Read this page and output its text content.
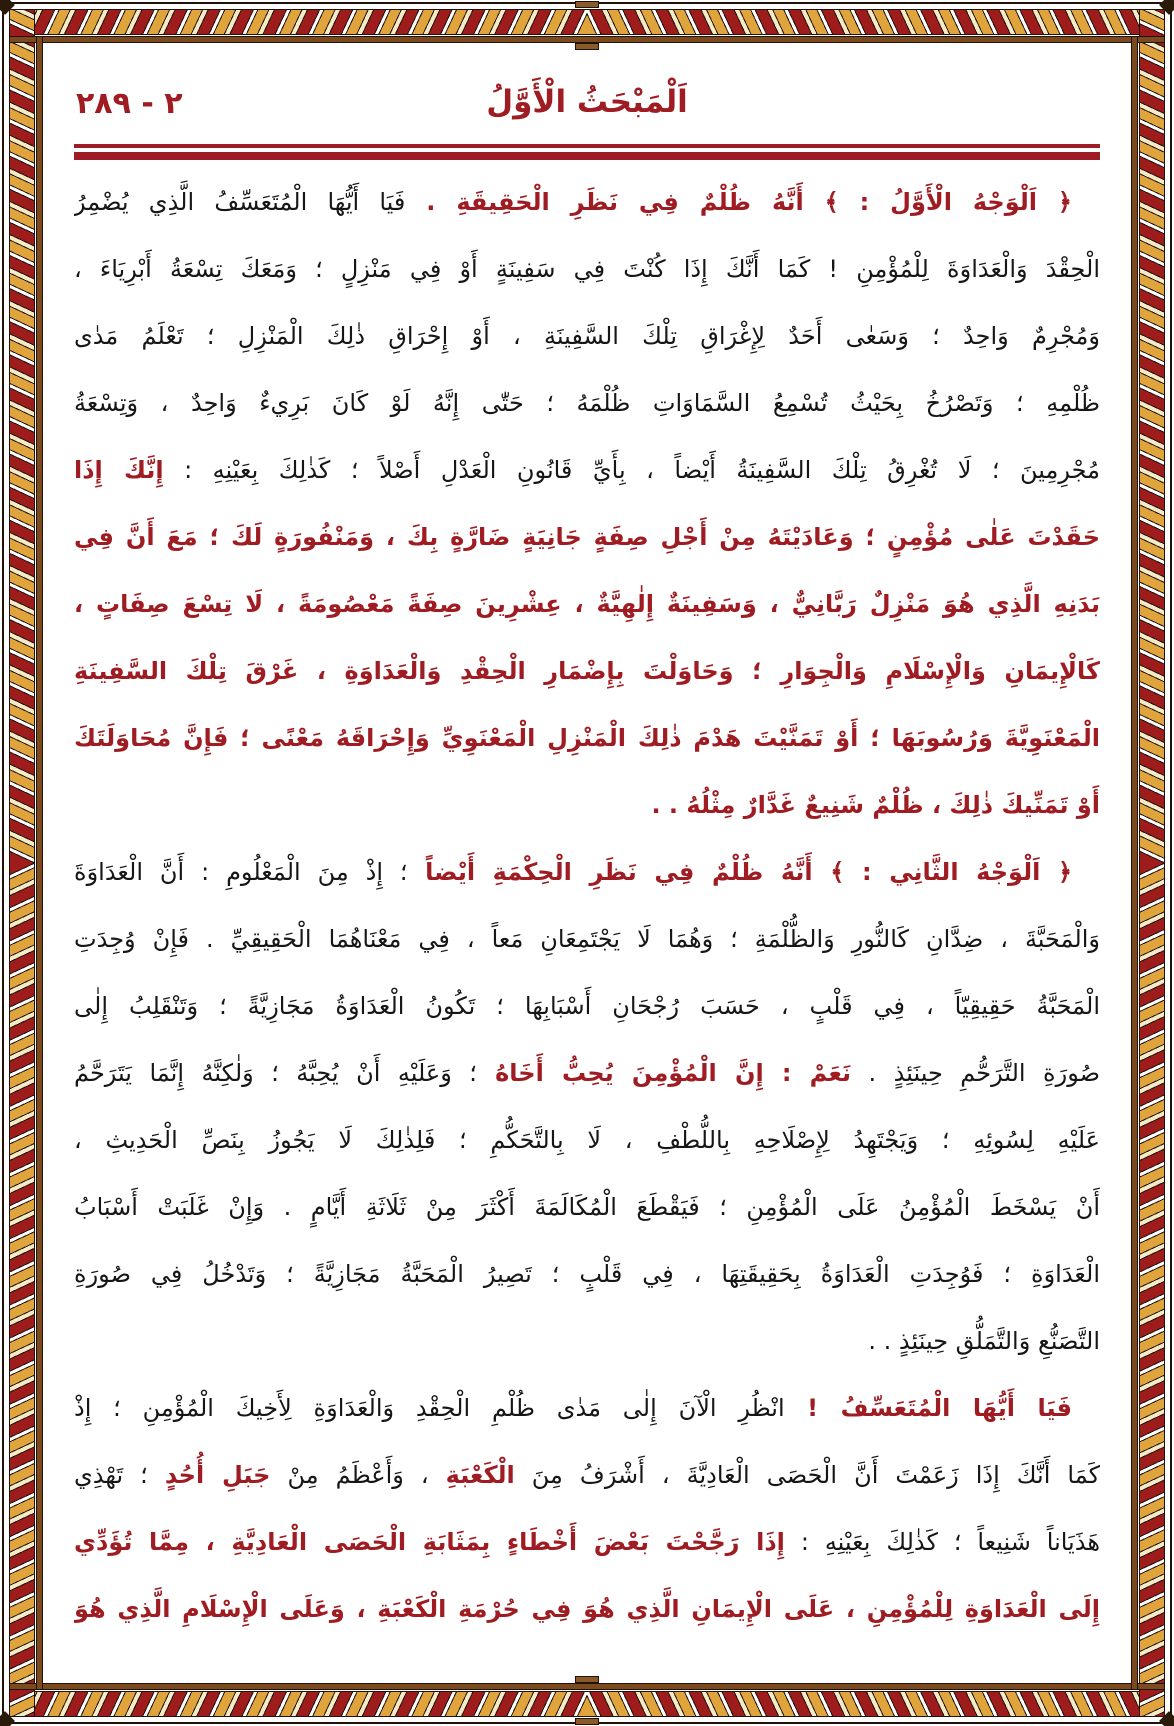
٢ - ٢٨٩	اَلْمَبْحَثُ الْأَوَّلُ
﴿ اَلْوَجْهُ الْأَوَّلُ : ﴾ أَنَّهُ ظُلْمٌ فِي نَظَرِ الْحَقِيقَةِ . فَيَا أَيُّهَا الْمُتَعَسِّفُ الَّذِي يُضْمِرُ
الْحِقْدَ وَالْعَدَاوَةَ لِلْمُؤْمِنِ ! كَمَا أَنَّكَ إِذَا كُنْتَ فِي سَفِينَةٍ أَوْ فِي مَنْزِلٍ ؛ وَمَعَكَ تِسْعَةُ أَبْرِيَاءَ ،
وَمُجْرِمٌ وَاحِدٌ ؛ وَسَعٰى أَحَدٌ لِإِغْرَاقِ تِلْكَ السَّفِينَةِ ، أَوْ إِحْرَاقِ ذٰلِكَ الْمَنْزِلِ ؛ تَعْلَمُ مَدٰى
ظُلْمِهِ ؛ وَتَصْرُخُ بِحَيْثُ تُسْمِعُ السَّمَاوَاتِ ظُلْمَهُ ؛ حَتّٰى إِنَّهُ لَوْ كَانَ بَرِيءٌ وَاحِدٌ ، وَتِسْعَةُ
مُجْرِمِينَ ؛ لَا تُغْرِقُ تِلْكَ السَّفِينَةُ أَيْضاً ، بِأَيِّ قَانُونِ الْعَدْلِ أَصْلاً ؛ كَذٰلِكَ بِعَيْنِهِ : إِنَّكَ إِذَا
حَقَدْتَ عَلٰى مُؤْمِنٍ ؛ وَعَادَيْتَهُ مِنْ أَجْلِ صِفَةٍ جَانِيَةٍ ضَارَّةٍ بِكَ ، وَمَنْفُورَةٍ لَكَ ؛ مَعَ أَنَّ فِي
بَدَنِهِ الَّذِي هُوَ مَنْزِلٌ رَبَّانِيٌّ ، وَسَفِينَةٌ إِلٰهِيَّةٌ ، عِشْرِينَ صِفَةً مَعْصُومَةً ، لَا تِسْعَ صِفَاتٍ ،
كَالْإِيمَانِ وَالْإِسْلَامِ وَالْجِوَارِ ؛ وَحَاوَلْتَ بِإِضْمَارِ الْحِقْدِ وَالْعَدَاوَةِ ، غَرْقَ تِلْكَ السَّفِينَةِ
الْمَعْنَوِيَّةَ وَرُسُوبَهَا ؛ أَوْ تَمَنَّيْتَ هَدْمَ ذٰلِكَ الْمَنْزِلِ الْمَعْنَوِيِّ وَإِحْرَاقَهُ مَعْنًى ؛ فَإِنَّ مُحَاوَلَتَكَ
أَوْ تَمَنِّيكَ ذٰلِكَ ، ظُلْمٌ شَنِيعٌ غَدَّارٌ مِثْلُهُ . .
﴿ اَلْوَجْهُ الثَّانِي : ﴾ أَنَّهُ ظُلْمٌ فِي نَظَرِ الْحِكْمَةِ أَيْضاً ؛ إِذْ مِنَ الْمَعْلُومِ : أَنَّ الْعَدَاوَةَ
وَالْمَحَبَّةَ ، ضِدَّانِ كَالنُّورِ وَالظُّلْمَةِ ؛ وَهُمَا لَا يَجْتَمِعَانِ مَعاً ، فِي مَعْنَاهُمَا الْحَقِيقِيِّ . فَإِنْ وُجِدَتِ
الْمَحَبَّةُ حَقِيقِيّاً ، فِي قَلْبٍ ، حَسَبَ رُجْحَانِ أَسْبَابِهَا ؛ تَكُونُ الْعَدَاوَةُ مَجَازِيَّةً ؛ وَتَنْقَلِبُ إِلٰى
صُورَةِ التَّرَحُّمِ حِينَئِذٍ . نَعَمْ : إِنَّ الْمُؤْمِنَ يُحِبُّ أَخَاهُ ؛ وَعَلَيْهِ أَنْ يُحِبَّهُ ؛ وَلٰكِنَّهُ إِنَّمَا يَتَرَحَّمُ
عَلَيْهِ لِسُوئِهِ ؛ وَيَجْتَهِدُ لِإِصْلَاحِهِ بِاللُّطْفِ ، لَا بِالتَّحَكُّمِ ؛ فَلِذٰلِكَ لَا يَجُوزُ بِنَصِّ الْحَدِيثِ ،
أَنْ يَسْخَطَ الْمُؤْمِنُ عَلَى الْمُؤْمِنِ ؛ فَيَقْطَعَ الْمُكَالَمَةَ أَكْثَرَ مِنْ ثَلَاثَةِ أَيَّامٍ . وَإِنْ غَلَبَتْ أَسْبَابُ
الْعَدَاوَةِ ؛ فَوُجِدَتِ الْعَدَاوَةُ بِحَقِيقَتِهَا ، فِي قَلْبٍ ؛ تَصِيرُ الْمَحَبَّةُ مَجَازِيَّةً ؛ وَتَدْخُلُ فِي صُورَةِ
التَّصَنُّعِ وَالتَّمَلُّقِ حِينَئِذٍ . .
فَيَا أَيُّهَا الْمُتَعَسِّفُ ! انْظُرِ الْآنَ إِلٰى مَدٰى ظُلْمِ الْحِقْدِ وَالْعَدَاوَةِ لِأَخِيكَ الْمُؤْمِنِ ؛ إِذْ
كَمَا أَنَّكَ إِذَا زَعَمْتَ أَنَّ الْحَصَى الْعَادِيَّةَ ، أَشْرَفُ مِنَ الْكَعْبَةِ ، وَأَعْظَمُ مِنْ جَبَلِ أُحُدٍ ؛ تَهْذِي
هَذَيَاناً شَنِيعاً ؛ كَذٰلِكَ بِعَيْنِهِ : إِذَا رَجَّحْتَ بَعْضَ أَخْطَاءٍ بِمَثَابَةِ الْحَصَى الْعَادِيَّةِ ، مِمَّا تُؤَدِّي
إِلَى الْعَدَاوَةِ لِلْمُؤْمِنِ ، عَلَى الْإِيمَانِ الَّذِي هُوَ فِي حُرْمَةِ الْكَعْبَةِ ، وَعَلَى الْإِسْلَامِ الَّذِي هُوَ
